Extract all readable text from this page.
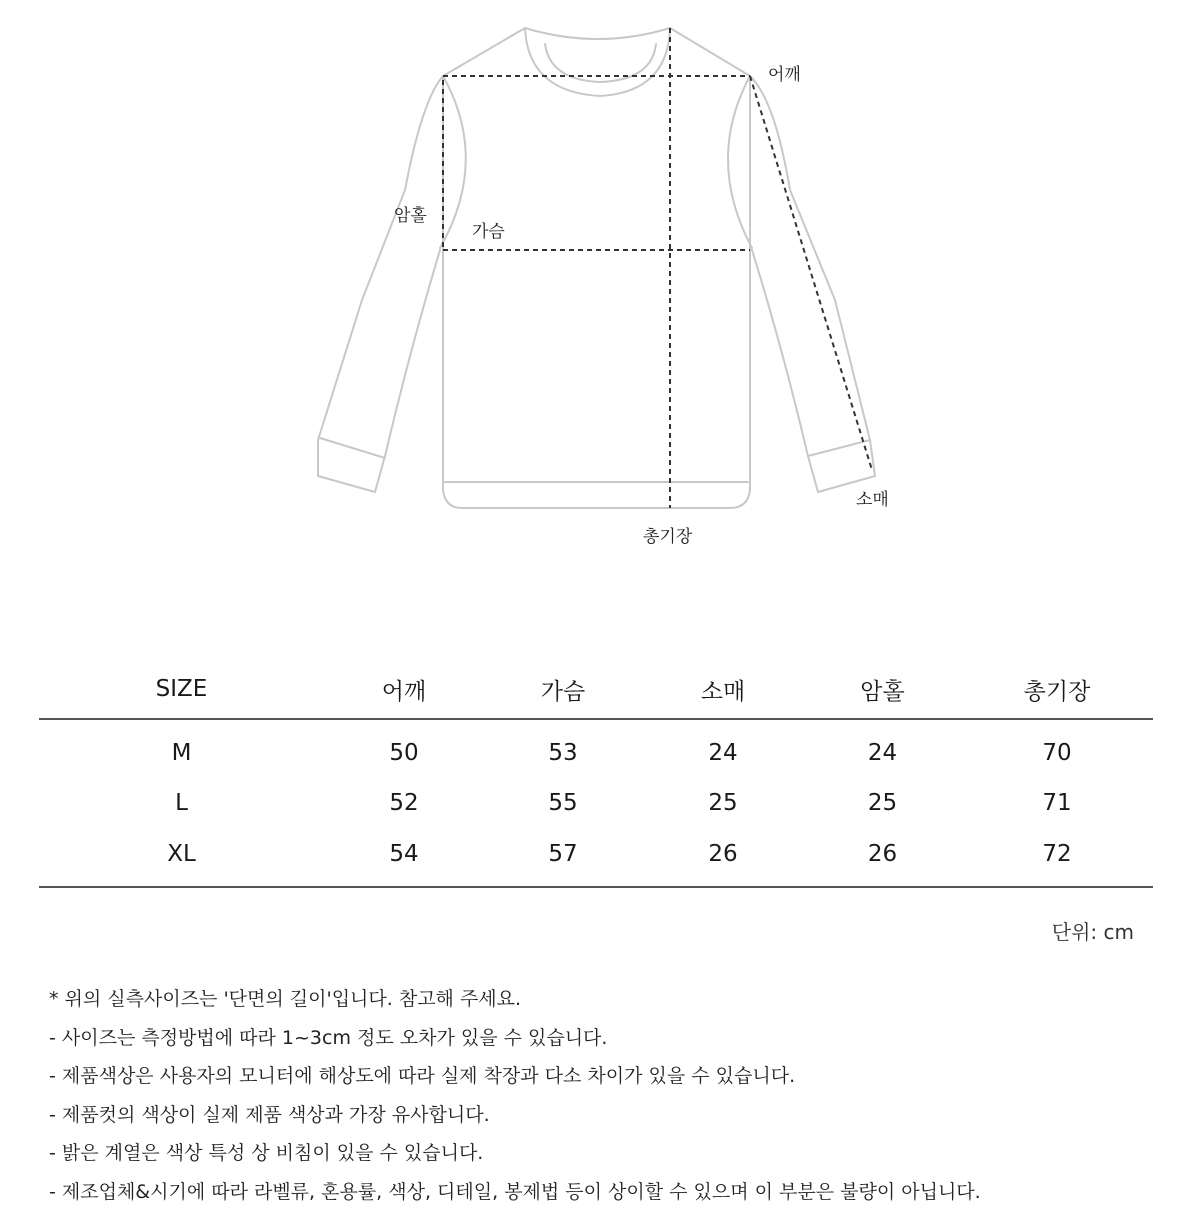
어깨
암홀
가슴
소매
총기장
SIZE	어깨	가슴	소매	암홀	총기장
M	50	53	24	24	70
L	52	55	25	25	71
XL	54	57	26	26	72
단위: cm
* 위의 실측사이즈는 '단면의 길이'입니다. 참고해 주세요.
- 사이즈는 측정방법에 따라 1~3cm 정도 오차가 있을 수 있습니다.
- 제품색상은 사용자의 모니터에 해상도에 따라 실제 착장과 다소 차이가 있을 수 있습니다.
- 제품컷의 색상이 실제 제품 색상과 가장 유사합니다.
- 밝은 계열은 색상 특성 상 비침이 있을 수 있습니다.
- 제조업체&시기에 따라 라벨류, 혼용률, 색상, 디테일, 봉제법 등이 상이할 수 있으며 이 부분은 불량이 아닙니다.
